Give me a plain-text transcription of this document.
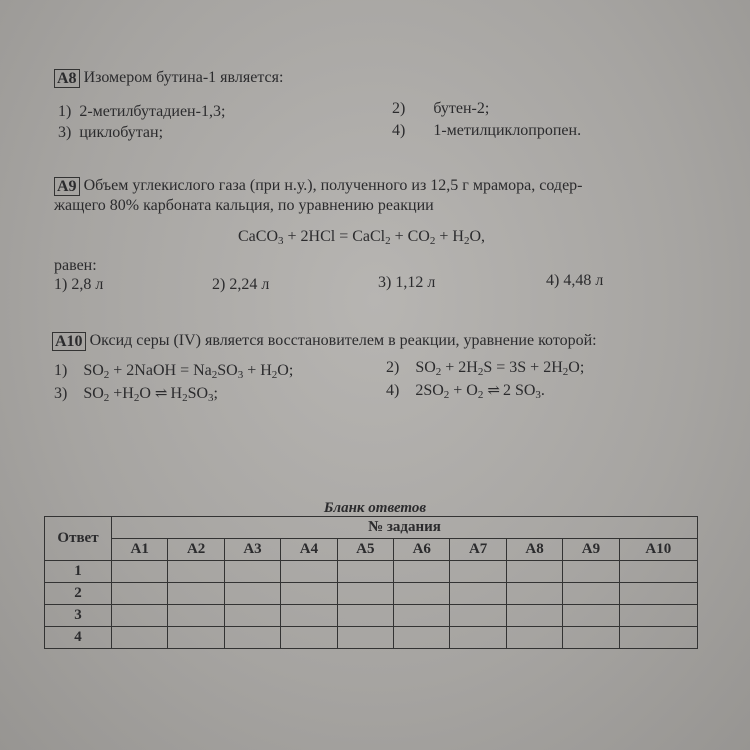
A8 Изомером бутина-1 является:
1) 2-метилбутадиен-1,3;	2) бутен-2;
3) циклобутан;	4) 1-метилциклопропен.
A9 Объем углекислого газа (при н.у.), полученного из 12,5 г мрамора, содер-
жащего 80% карбоната кальция, по уравнению реакции
CaCO$_3$ + 2HCl = CaCl$_2$ + $CO_2 + H_2O$,
равен:
1) 2,8 л	2) 2,24 л	3) 1,12 л	4) 4,48 л
A10 Оксид серы (IV) является восстановителем в реакции, уравнение которой:
1)    $SO_2$ + 2NaOH = $Na_2SO_3 + H_2O$;	2)    $SO_2 + 2H_2S = 3S + 2H_2O$;
3)    $SO_2 +H_2O$ ⇌ $H_2SO_3$;	4)    $2SO_2 + O_2$ ⇌ 2 $SO_3$.
Бланк ответов
Ответ	№ задания									
	A1	A2	A3	A4	A5	A6	A7	A8	A9	A10
1										
2										
3										
4										
